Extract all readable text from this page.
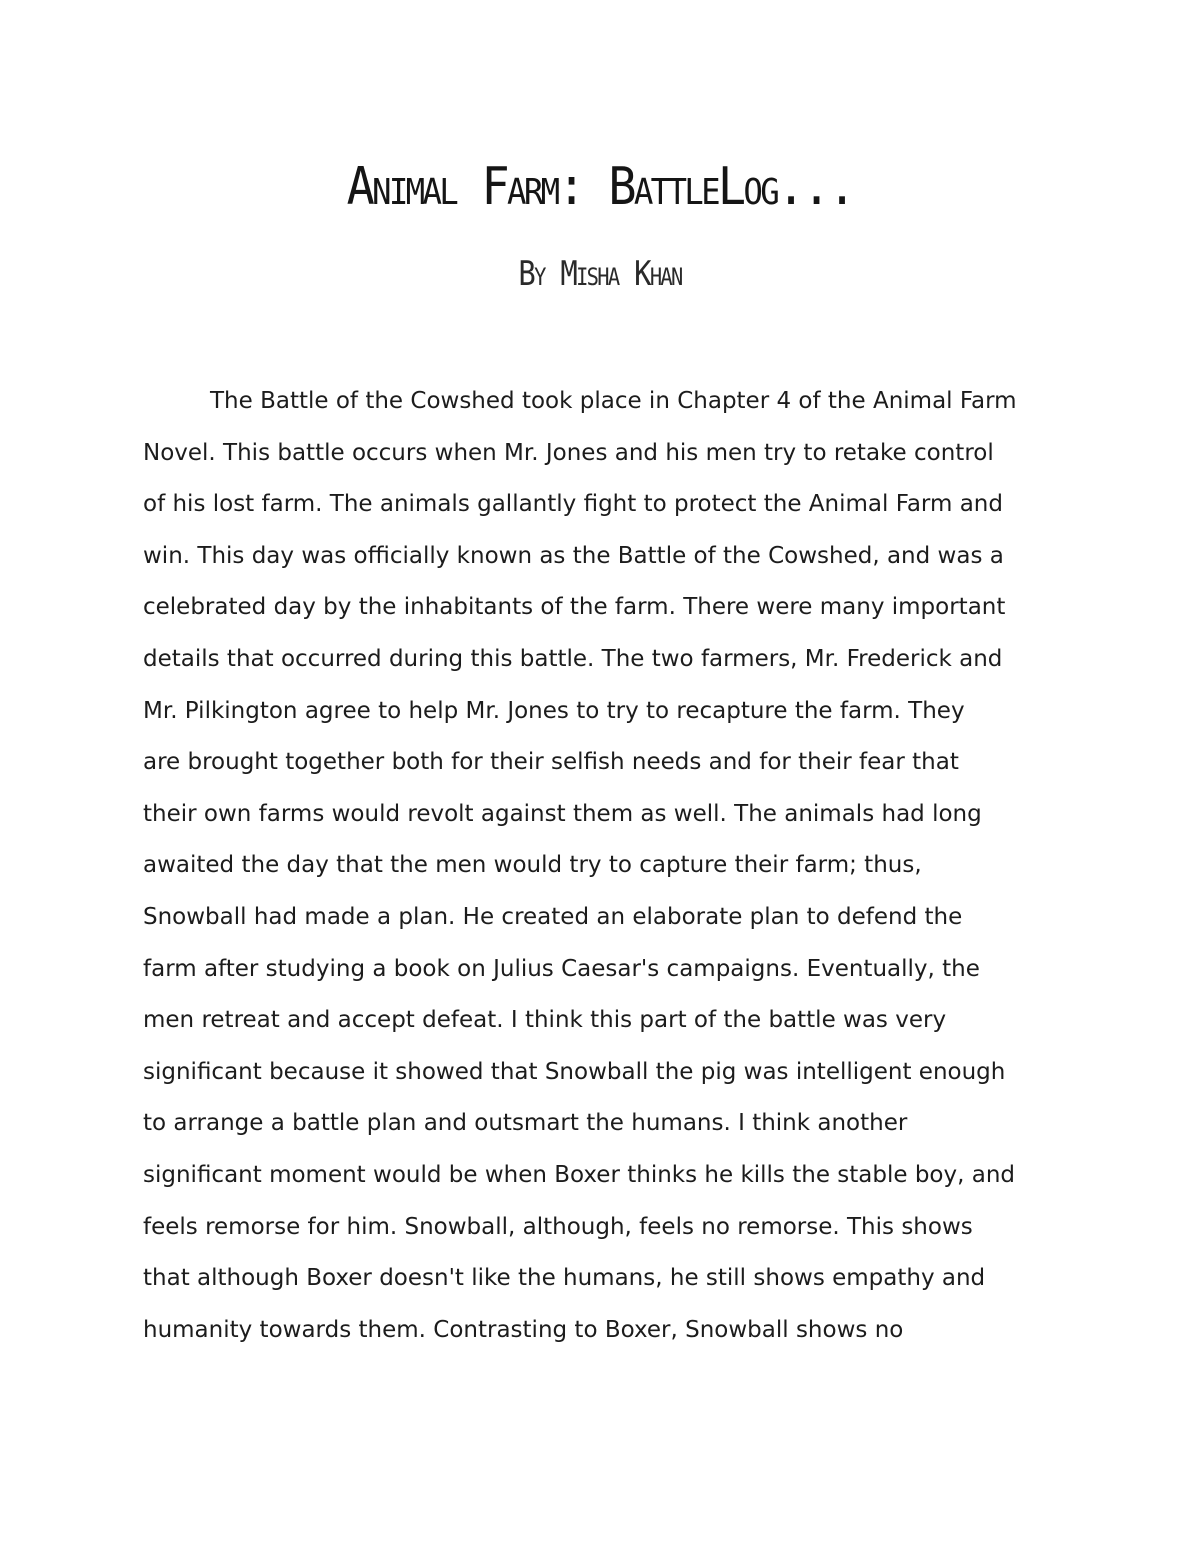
Animal Farm: BattleLog...
By Misha Khan
The Battle of the Cowshed took place in Chapter 4 of the Animal Farm
Novel. This battle occurs when Mr. Jones and his men try to retake control
of his lost farm. The animals gallantly fight to protect the Animal Farm and
win. This day was officially known as the Battle of the Cowshed, and was a
celebrated day by the inhabitants of the farm. There were many important
details that occurred during this battle. The two farmers, Mr. Frederick and
Mr. Pilkington agree to help Mr. Jones to try to recapture the farm. They
are brought together both for their selfish needs and for their fear that
their own farms would revolt against them as well. The animals had long
awaited the day that the men would try to capture their farm; thus,
Snowball had made a plan. He created an elaborate plan to defend the
farm after studying a book on Julius Caesar's campaigns. Eventually, the
men retreat and accept defeat. I think this part of the battle was very
significant because it showed that Snowball the pig was intelligent enough
to arrange a battle plan and outsmart the humans. I think another
significant moment would be when Boxer thinks he kills the stable boy, and
feels remorse for him. Snowball, although, feels no remorse. This shows
that although Boxer doesn't like the humans, he still shows empathy and
humanity towards them. Contrasting to Boxer, Snowball shows no
